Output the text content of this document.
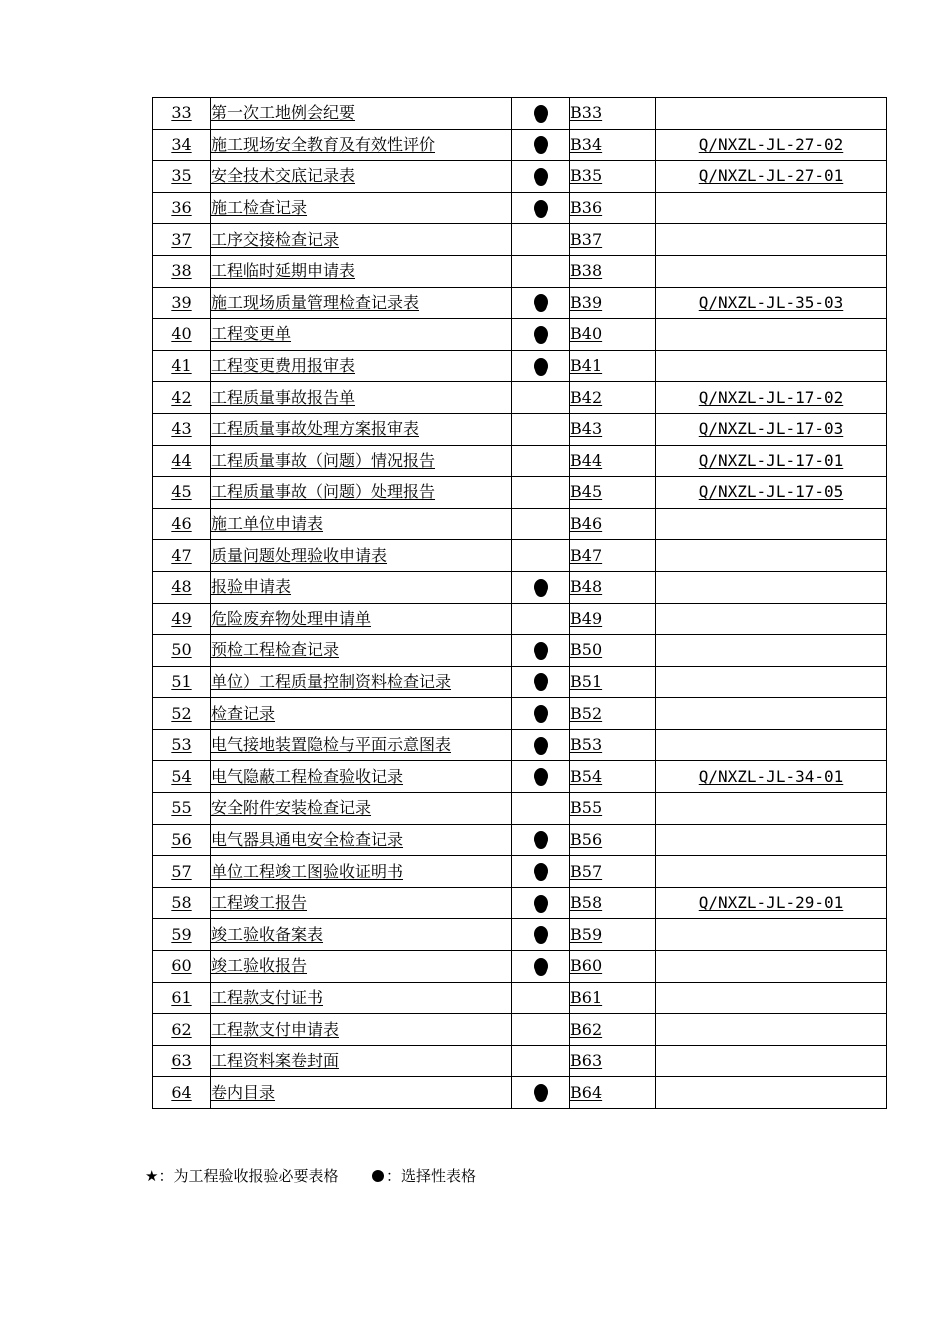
33	第一次工地例会纪要		B33	
34	施工现场安全教育及有效性评价		B34	Q/NXZL-JL-27-02
35	安全技术交底记录表		B35	Q/NXZL-JL-27-01
36	施工检查记录		B36	
37	工序交接检查记录		B37	
38	工程临时延期申请表		B38	
39	施工现场质量管理检查记录表		B39	Q/NXZL-JL-35-03
40	工程变更单		B40	
41	工程变更费用报审表		B41	
42	工程质量事故报告单		B42	Q/NXZL-JL-17-02
43	工程质量事故处理方案报审表		B43	Q/NXZL-JL-17-03
44	工程质量事故（问题）情况报告		B44	Q/NXZL-JL-17-01
45	工程质量事故（问题）处理报告		B45	Q/NXZL-JL-17-05
46	施工单位申请表		B46	
47	质量问题处理验收申请表		B47	
48	报验申请表		B48	
49	危险废弃物处理申请单		B49	
50	预检工程检查记录		B50	
51	单位）工程质量控制资料检查记录		B51	
52	检查记录		B52	
53	电气接地装置隐检与平面示意图表		B53	
54	电气隐蔽工程检查验收记录		B54	Q/NXZL-JL-34-01
55	安全附件安装检查记录		B55	
56	电气器具通电安全检查记录		B56	
57	单位工程竣工图验收证明书		B57	
58	工程竣工报告		B58	Q/NXZL-JL-29-01
59	竣工验收备案表		B59	
60	竣工验收报告		B60	
61	工程款支付证书		B61	
62	工程款支付申请表		B62	
63	工程资料案卷封面		B63	
64	卷内目录		B64	
★：为工程验收报验必要表格	：选择性表格
